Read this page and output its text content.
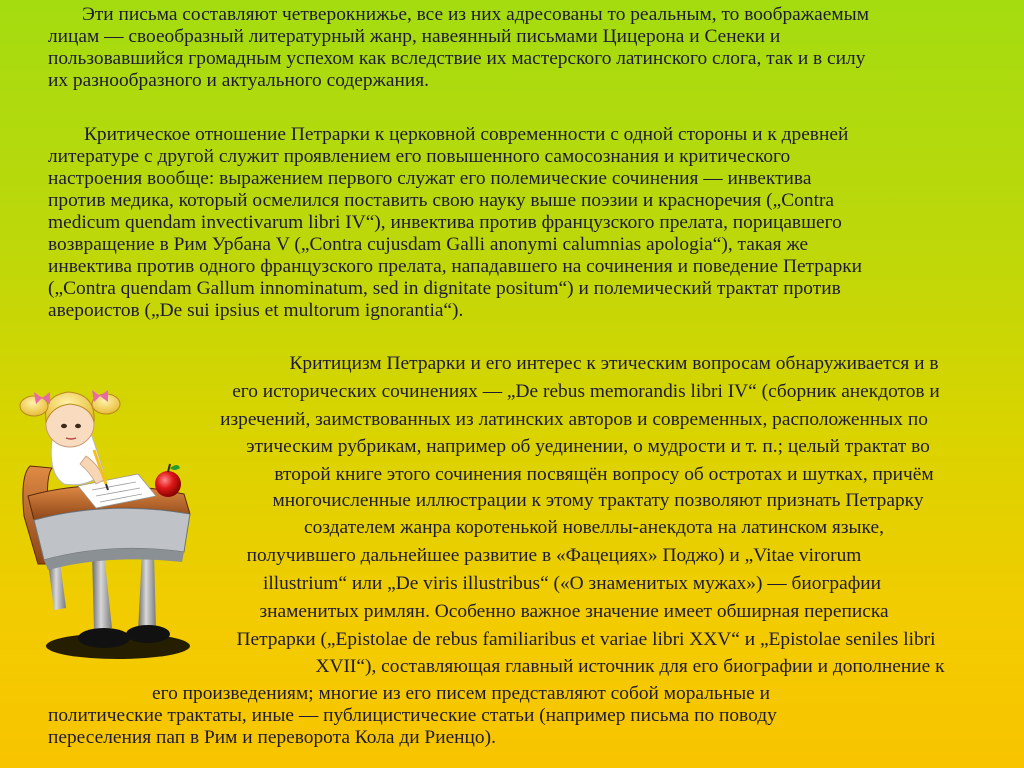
Эти письма составляют четверокнижье, все из них адресованы то реальным, то воображаемым

лицам — своеобразный литературный жанр, навеянный письмами Цицерона и Сенеки и

пользовавшийся громадным успехом как вследствие их мастерского латинского слога, так и в силу

их разнообразного и актуального содержания.

Критическое отношение Петрарки к церковной современности с одной стороны и к древней

литературе с другой служит проявлением его повышенного самосознания и критического

настроения вообще: выражением первого служат его полемические сочинения — инвектива

против медика, который осмелился поставить свою науку выше поэзии и красноречия („Contra

medicum quendam invectivarum libri IV“), инвектива против французского прелата, порицавшего

возвращение в Рим Урбана V („Contra cujusdam Galli anonymi calumnias apologia“), такая же

инвектива против одного французского прелата, нападавшего на сочинения и поведение Петрарки

(„Contra quendam Gallum innominatum, sed in dignitate positum“) и полемический трактат против

авероистов („De sui ipsius et multorum ignorantia“).

Критицизм Петрарки и его интерес к этическим вопросам обнаруживается и в

его исторических сочинениях — „De rebus memorandis libri IV“ (сборник анекдотов и

изречений, заимствованных из латинских авторов и современных, расположенных по

этическим рубрикам, например об уединении, о мудрости и т. п.; целый трактат во

второй книге этого сочинения посвящён вопросу об остротах и шутках, причём

многочисленные иллюстрации к этому трактату позволяют признать Петрарку

создателем жанра коротенькой новеллы-анекдота на латинском языке,

получившего дальнейшее развитие в «Фацециях» Поджо) и „Vitae virorum

illustrium“ или „De viris illustribus“ («О знаменитых мужах») — биографии

знаменитых римлян. Особенно важное значение имеет обширная переписка

Петрарки („Epistolae de rebus familiaribus et variae libri XXV“ и „Epistolae seniles libri

XVII“), составляющая главный источник для его биографии и дополнение к

его произведениям; многие из его писем представляют собой моральные и

политические трактаты, иные — публицистические статьи (например письма по поводу

переселения пап в Рим и переворота Кола ди Риенцо).
